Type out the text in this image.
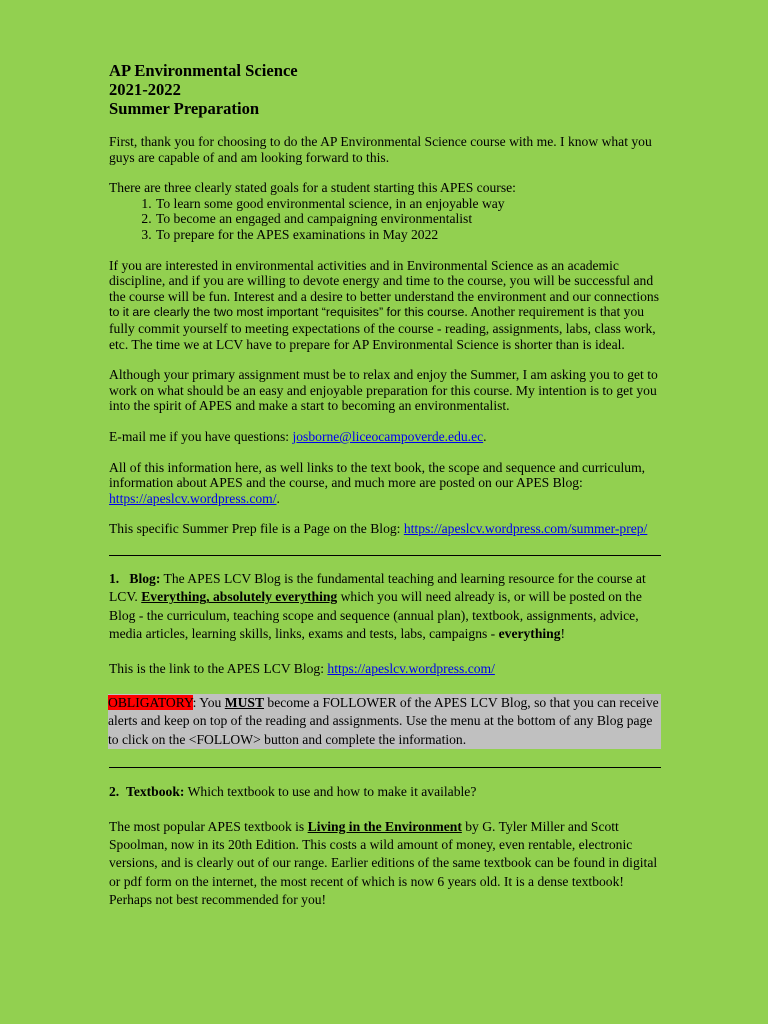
AP Environmental Science
2021-2022
Summer Preparation

First, thank you for choosing to do the AP Environmental Science course with me. I know what you guys are capable of and am looking forward to this.

There are three clearly stated goals for a student starting this APES course:

1. To learn some good environmental science, in an enjoyable way
2. To become an engaged and campaigning environmentalist
3. To prepare for the APES examinations in May 2022

If you are interested in environmental activities and in Environmental Science as an academic discipline, and if you are willing to devote energy and time to the course, you will be successful and the course will be fun. Interest and a desire to better understand the environment and our connections to it are clearly the two most important “requisites” for this course. Another requirement is that you fully commit yourself to meeting expectations of the course - reading, assignments, labs, class work, etc. The time we at LCV have to prepare for AP Environmental Science is shorter than is ideal.

Although your primary assignment must be to relax and enjoy the Summer, I am asking you to get to work on what should be an easy and enjoyable preparation for this course. My intention is to get you into the spirit of APES and make a start to becoming an environmentalist.

E-mail me if you have questions: josborne@liceocampoverde.edu.ec.

All of this information here, as well links to the text book, the scope and sequence and curriculum, information about APES and the course, and much more are posted on our APES Blog: https://apeslcv.wordpress.com/.

This specific Summer Prep file is a Page on the Blog: https://apeslcv.wordpress.com/summer-prep/

1. Blog: The APES LCV Blog is the fundamental teaching and learning resource for the course at LCV. Everything, absolutely everything which you will need already is, or will be posted on the Blog - the curriculum, teaching scope and sequence (annual plan), textbook, assignments, advice, media articles, learning skills, links, exams and tests, labs, campaigns - everything!

This is the link to the APES LCV Blog: https://apeslcv.wordpress.com/

OBLIGATORY: You MUST become a FOLLOWER of the APES LCV Blog, so that you can receive alerts and keep on top of the reading and assignments. Use the menu at the bottom of any Blog page to click on the <FOLLOW> button and complete the information.

2. Textbook: Which textbook to use and how to make it available?

The most popular APES textbook is Living in the Environment by G. Tyler Miller and Scott Spoolman, now in its 20th Edition. This costs a wild amount of money, even rentable, electronic versions, and is clearly out of our range. Earlier editions of the same textbook can be found in digital or pdf form on the internet, the most recent of which is now 6 years old. It is a dense textbook! Perhaps not best recommended for you!
